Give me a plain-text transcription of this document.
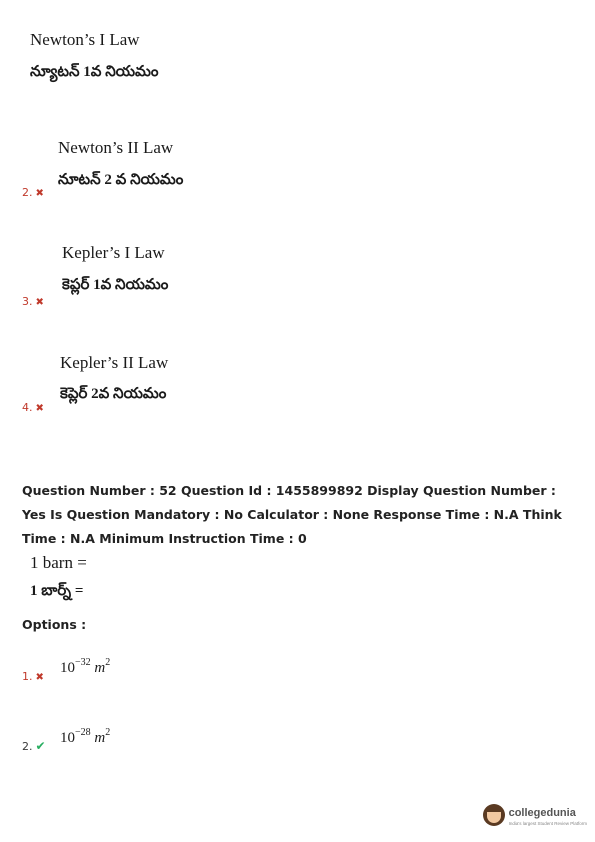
Newton’s I Law
న్యూటన్ 1వ నియమం
Newton’s II Law
నూటన్ 2 వ నియమం
2. ✖
Kepler’s I Law
కెప్లర్ 1వ నియమం
3. ✖
Kepler’s II Law
కెప్లెర్ 2వ నియమం
4. ✖
Question Number : 52 Question Id : 1455899892 Display Question Number : Yes Is Question Mandatory : No Calculator : None Response Time : N.A Think Time : N.A Minimum Instruction Time : 0
1 barn =
1 బార్న్ =
Options :
$10^{-32}$ $m^2$
1. ✖
$10^{-28}$ $m^2$
2. ✔
collegedunia
India's largest Student Review Platform
